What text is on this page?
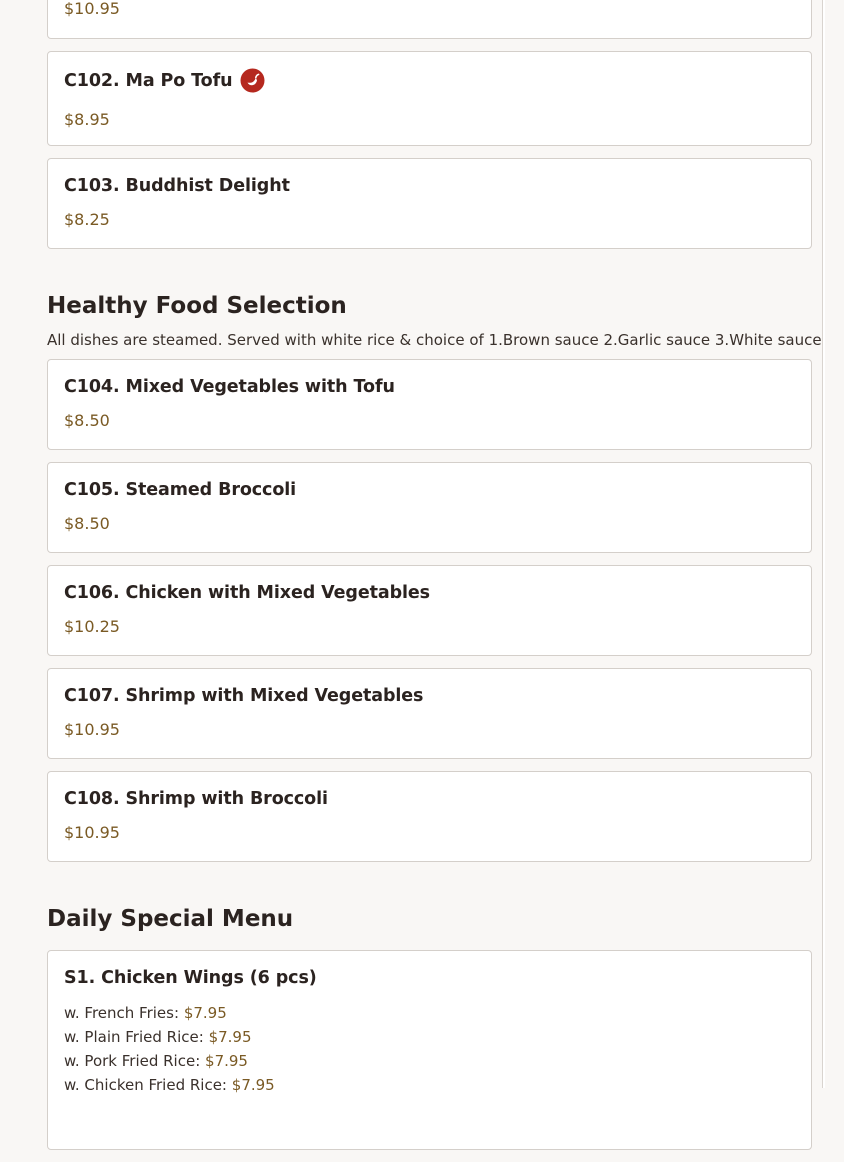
$10.95
C102. Ma Po Tofu
$8.95
C103. Buddhist Delight
$8.25
Healthy Food Selection
All dishes are steamed. Served with white rice & choice of 1.Brown sauce 2.Garlic sauce 3.White sauce
C104. Mixed Vegetables with Tofu
$8.50
C105. Steamed Broccoli
$8.50
C106. Chicken with Mixed Vegetables
$10.25
C107. Shrimp with Mixed Vegetables
$10.95
C108. Shrimp with Broccoli
$10.95
Daily Special Menu
S1. Chicken Wings (6 pcs)
w. French Fries: $7.95
w. Plain Fried Rice: $7.95
w. Pork Fried Rice: $7.95
w. Chicken Fried Rice: $7.95
